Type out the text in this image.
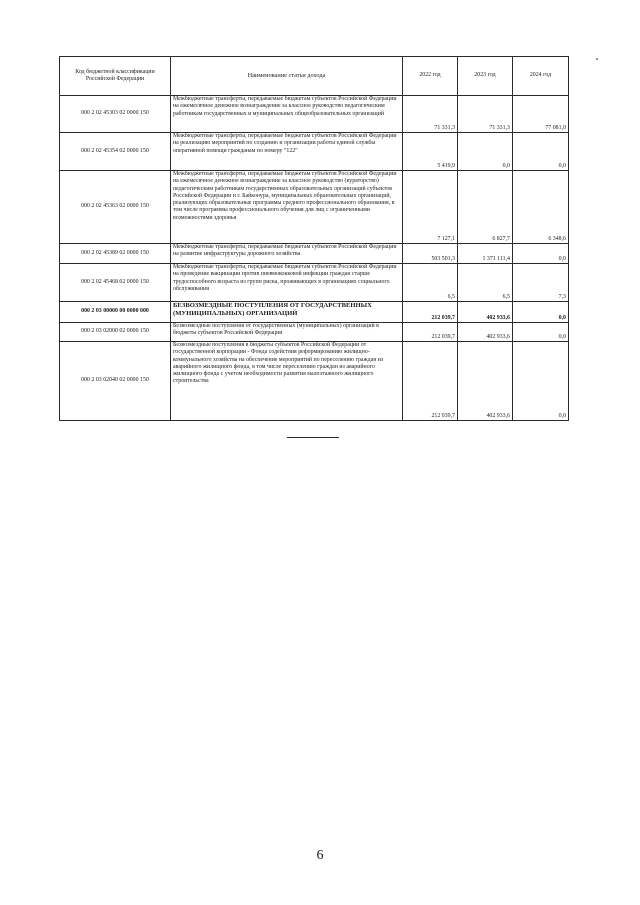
Код бюджетной классификации Российской Федерации	Наименование статьи дохода	2022 год	2023 год	2024 год
000 2 02 45303 02 0000 150	Межбюджетные трансферты, передаваемые бюджетам субъектов Российской Федерации на ежемесячное денежное вознаграждение за классное руководство педагогическим работникам государственных и муниципальных общеобразовательных организаций	71 331,3	71 331,3	77 081,0
000 2 02 45354 02 0000 150	Межбюджетные трансферты, передаваемые бюджетам субъектов Российской Федерации на реализацию мероприятий по созданию и организации работы единой службы оперативной помощи гражданам по номеру "122"	5 419,9	0,0	0,0
000 2 02 45363 02 0000 150	Межбюджетные трансферты, передаваемые бюджетам субъектов Российской Федерации на ежемесячное денежное вознаграждение за классное руководство (кураторство) педагогическим работникам государственных образовательных организаций субъектов Российской Федерации и г. Байконура, муниципальных образовательных организаций, реализующих образовательные программы среднего профессионального образования, в том числе программы профессионального обучения для лиц с ограниченными возможностями здоровья	7 127,1	6 827,7	6 348,6
000 2 02 45389 02 0000 150	Межбюджетные трансферты, передаваемые бюджетам субъектов Российской Федерации на развитие инфраструктуры дорожного хозяйства	503 501,3	1 371 111,4	0,0
000 2 02 45468 02 0000 150	Межбюджетные трансферты, передаваемые бюджетам субъектов Российской Федерации на проведение вакцинации против пневмококковой инфекции граждан старше трудоспособного возраста из групп риска, проживающих в организациях социального обслуживания	6,5	6,5	7,3
000 2 03 00000 00 0000 000	БЕЗВОЗМЕЗДНЫЕ ПОСТУПЛЕНИЯ ОТ ГОСУДАРСТВЕННЫХ (МУНИЦИПАЛЬНЫХ) ОРГАНИЗАЦИЙ	212 039,7	402 933,6	0,0
000 2 03 02000 02 0000 150	Безвозмездные поступления от государственных (муниципальных) организаций в бюджеты субъектов Российской Федерации	212 039,7	402 933,6	0,0
000 2 03 02040 02 0000 150	Безвозмездные поступления в бюджеты субъектов Российской Федерации от государственной корпорации - Фонда содействия реформированию жилищно-коммунального хозяйства на обеспечение мероприятий по переселению граждан из аварийного жилищного фонда, в том числе переселению граждан из аварийного жилищного фонда с учетом необходимости развития малоэтажного жилищного строительства	212 039,7	402 933,6	0,0
6
